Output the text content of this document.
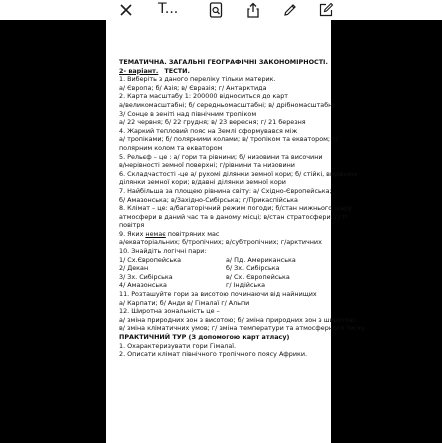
T...
ТЕМАТИЧНА. ЗАГАЛЬНІ ГЕОГРАФІЧНІ ЗАКОНОМІРНОСТІ.
2- варіант. ТЕСТИ.
1. Виберіть з даного переліку тільки материк.
а/ Європа; б/ Азія; в/ Євразія; г/ Антарктида
2. Карта масштабу 1: 200000 відноситься до карт
а/великомасштабні; б/ середньомасштабні; в/ дрібномасштабні
3/ Сонце в зеніті над північним тропіком
а/ 22 червня; б/ 22 грудня; в/ 23 вересня; г/ 21 березня
4. Жаркий тепловий пояс на Землі сформувався між
а/ тропіками; б/ полярними колами; в/ тропіком та екватором; г/
полярним колом та екватором
5. Рельєф – це : а/ гори та рівнини; б/ низовини та височини
в/нерівності земної поверхні; г/рівнини та низовини
6. Складчастості -це а/ рухомі ділянки земної кори; б/ стійкі, вирівняні
ділянки земної кори; в/давні ділянки земної кори
7. Найбільша за площею рівнина світу: а/ Східно-Європейська;
б/ Амазонська; в/Західно-Сибірська; г/Прикаспійська
8. Клімат – це: а/багаторічний режим погоди; б/стан нижнього шару
атмосфери в даний час та в даному місці; в/стан стратосфери; г/ tº
повітря
9. Яких немає повітряних мас
а/екваторіальних; б/тропічних; в/субтропічних; г/арктичних
10. Знайдіть логічні пари:
1/ Сх.Європейська	а/ Пд. Американська
2/ Декан	б/ Зх. Сибірська
3/ Зх. Сибірська	в/ Сх. Європейська
4/ Амазонська	г/ Індійська
11. Розташуйте гори за висотою починаючи від найнищих
а/ Карпати; б/ Анди в/ Гімалаї г/ Альпи
12. Широтна зональність це –
а/ зміна природних зон з висотою; б/ зміна природних зон з широтою;
в/ зміна кліматичних умов; г/ зміна температури та атмосферного тиску
ПРАКТИЧНИЙ ТУР (З допомогою карт атласу)
1. Охарактеризувати гори Гімалаї.
2. Описати клімат північного тропічного поясу Африки.
